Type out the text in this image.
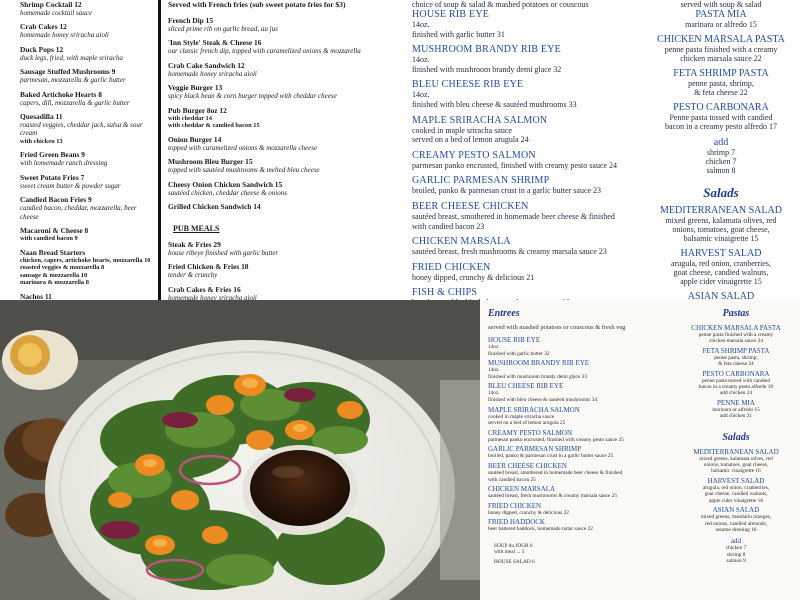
Shrimp Cocktail 12
homemade cocktail sauce
Crab Cakes 12
homemade honey sriracha aioli
Duck Pops 12
duck legs, fried, with maple sriracha
Sausage Stuffed Mushrooms 9
parmesan, mozzarella & garlic butter
Baked Artichoke Hearts 8
capers, dill, mozzarella & garlic butter
Quesadilla 11
roasted veggies, cheddar jack, salsa & sour cream
with chicken 13
Fried Green Beans 9
with homemade ranch dressing
Sweet Potato Fries 7
sweet cream butter & powder sugar
Candied Bacon Fries 9
candied bacon, cheddar, mozzarella, beer cheese
Macaroni & Cheese 8
with candied bacon 9
Naan Bread Starters
chicken, capers, artichoke hearts, mozzarella 10
roasted veggies & mozzarella 8
sausage & mozzarella 10
marinara & mozzarella 8
Nachos 11
Served with French fries (sub sweet potato fries for $3)
French Dip 15
sliced prime rib on garlic bread, au jus
'Inn Style' Steak & Cheese 16
our classic french dip, topped with caramelized onions & mozzarella
Crab Cake Sandwich 12
homemade honey sriracha aioli
Veggie Burger 13
spicy black bean & corn burger topped with cheddar cheese
Pub Burger 8oz 12
with cheddar 14
with cheddar & candied bacon 15
Onion Burger 14
topped with caramelized onions & mozzarella cheese
Mushroom Bleu Burger 15
topped with sautéed mushrooms & melted bleu cheese
Cheesy Onion Chicken Sandwich 15
sautéed chicken, cheddar cheese & onions
Grilled Chicken Sandwich 14
PUB MEALS
Steak & Fries 29
house ribeye finished with garlic butter
Fried Chicken & Fries 18
tender & crunchy
Crab Cakes & Fries 16
homemade honey sriracha aioli
choice of soup & salad & mashed potatoes or couscous
HOUSE RIB EYE
14oz.
finished with garlic butter 31
MUSHROOM BRANDY RIB EYE
14oz.
finished with mushroom brandy demi glace 32
BLEU CHEESE RIB EYE
14oz.
finished with bleu cheese & sautéed mushrooms 33
MAPLE SRIRACHA SALMON
cooked in maple sriracha sauce
served on a bed of lemon arugula 24
CREAMY PESTO SALMON
parmesan panko encrusted, finished with creamy pesto sauce 24
GARLIC PARMESAN SHRIMP
broiled, panko & parmesan crust in a garlic butter sauce 23
BEER CHEESE CHICKEN
sautéed breast, smothered in homemade beer cheese & finished
with candied bacon 23
CHICKEN MARSALA
sautéed breast, fresh mushrooms & creamy marsala sauce 23
FRIED CHICKEN
honey dipped, crunchy & delicious 21
FISH & CHIPS
served with soup & salad
PASTA MIA
marinara or alfredo 15
CHICKEN MARSALA PASTA
penne pasta finished with a creamy
chicken marsala sauce 22
FETA SHRIMP PASTA
penne pasta, shrimp,
& feta cheese 22
PESTO CARBONARA
Penne pasta tossed with candied
bacon in a creamy pesto alfredo 17
add
shrimp 7
chicken 7
salmon 8
Salads
MEDITERRANEAN SALAD
mixed greens, kalamata olives, red
onions, tomatoes, goat cheese,
balsamic vinaigrette 15
HARVEST SALAD
arugula, red onion, cranberries,
goat cheese, candied walnuts,
apple cider vinaigrette 15
ASIAN SALAD
Entrees
served with mashed potatoes or couscous & fresh veg
HOUSE RIB EYE
14oz.
finished with garlic butter 32
MUSHROOM BRANDY RIB EYE
14oz.
finished with mushroom brandy demi glace 33
BLEU CHEESE RIB EYE
14oz.
finished with bleu cheese & sautéed mushrooms 34
MAPLE SRIRACHA SALMON
cooked in maple sriracha sauce
served on a bed of lemon arugula 25
CREAMY PESTO SALMON
parmesan panko encrusted, finished with creamy pesto sauce 25
GARLIC PARMESAN SHRIMP
broiled, panko & parmesan crust in a garlic butter sauce 25
BEER CHEESE CHICKEN
sautéed breast, smothered in homemade beer cheese & finished
with candied bacon 25
CHICKEN MARSALA
sautéed breast, fresh mushrooms & creamy marsala sauce 25
FRIED CHICKEN
honey dipped, crunchy & delicious 22
FRIED HADDOCK
beer battered haddock, homemade tartar sauce 22
SOUP du JOUR 6
with meal ... 3
HOUSE SALAD 6
Pastas
CHICKEN MARSALA PASTA
penne pasta finished with a creamy
chicken marsala sauce 24
FETA SHRIMP PASTA
penne pasta, shrimp,
& feta cheese 24
PESTO CARBONARA
penne pasta tossed with candied
bacon in a creamy pesto alfredo 18
add chicken 24
PENNE MIA
marinara or alfredo 15
add chicken 21
Salads
MEDITERRANEAN SALAD
mixed greens, kalamata olives, red
onions, tomatoes, goat cheese,
balsamic vinaigrette 16
HARVEST SALAD
arugula, red onion, cranberries,
goat cheese, candied walnuts,
apple cider vinaigrette 16
ASIAN SALAD
mixed greens, mandarin oranges,
red onions, candied almonds,
sesame dressing 16
add
chicken 7
shrimp 8
salmon 9
